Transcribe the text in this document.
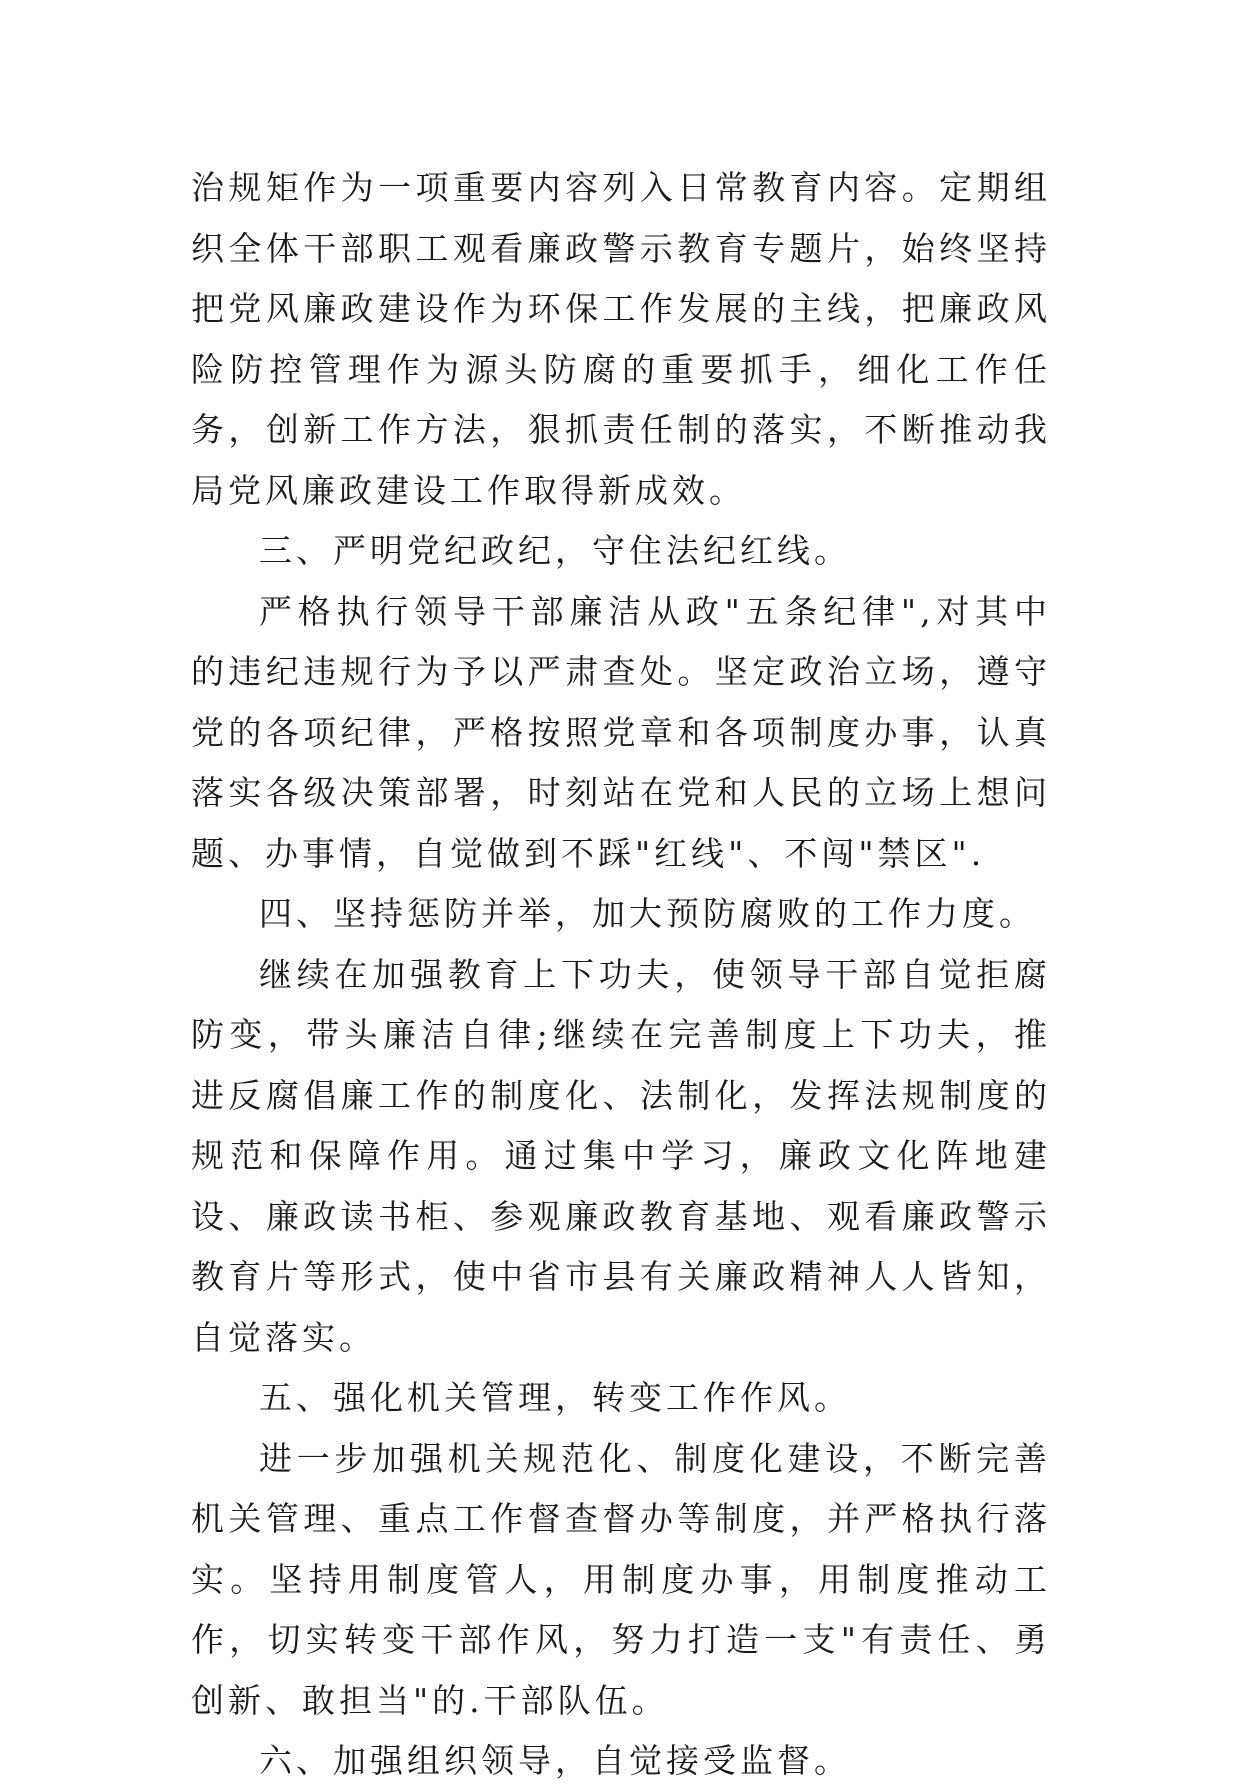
治规矩作为一项重要内容列入日常教育内容。定期组织全体干部职工观看廉政警示教育专题片，始终坚持把党风廉政建设作为环保工作发展的主线，把廉政风险防控管理作为源头防腐的重要抓手，细化工作任务，创新工作方法，狠抓责任制的落实，不断推动我局党风廉政建设工作取得新成效。

三、严明党纪政纪，守住法纪红线。

严格执行领导干部廉洁从政"五条纪律",对其中的违纪违规行为予以严肃查处。坚定政治立场，遵守党的各项纪律，严格按照党章和各项制度办事，认真落实各级决策部署，时刻站在党和人民的立场上想问题、办事情，自觉做到不踩"红线"、不闯"禁区".

四、坚持惩防并举，加大预防腐败的工作力度。

继续在加强教育上下功夫，使领导干部自觉拒腐防变，带头廉洁自律;继续在完善制度上下功夫，推进反腐倡廉工作的制度化、法制化，发挥法规制度的规范和保障作用。通过集中学习，廉政文化阵地建设、廉政读书柜、参观廉政教育基地、观看廉政警示教育片等形式，使中省市县有关廉政精神人人皆知，自觉落实。

五、强化机关管理，转变工作作风。

进一步加强机关规范化、制度化建设，不断完善机关管理、重点工作督查督办等制度，并严格执行落实。坚持用制度管人，用制度办事，用制度推动工作，切实转变干部作风，努力打造一支"有责任、勇创新、敢担当"的.干部队伍。

六、加强组织领导，自觉接受监督。
